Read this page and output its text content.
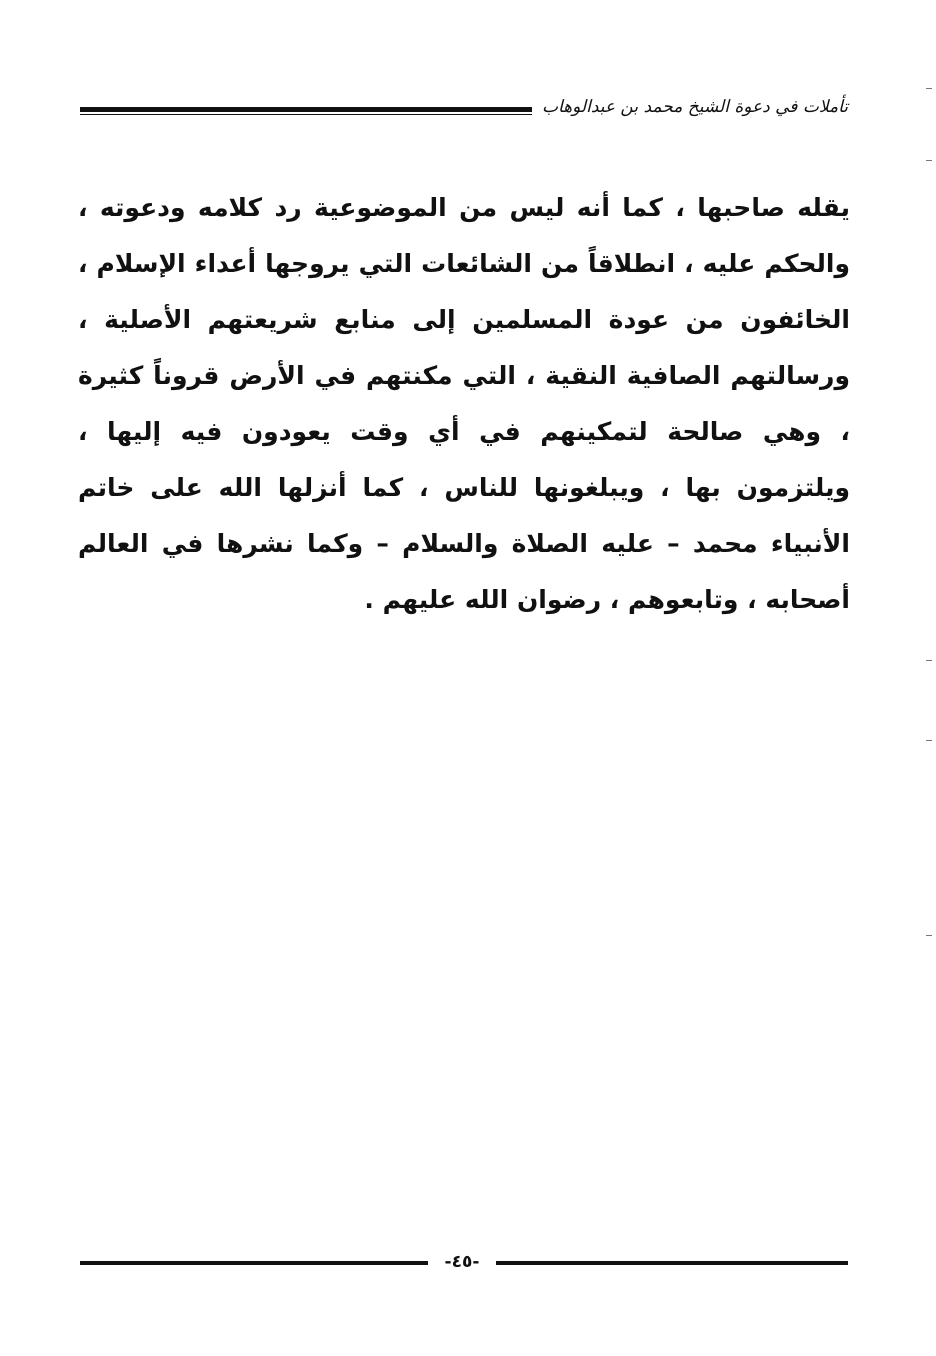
تأملات في دعوة الشيخ محمد بن عبدالوهاب

يقله صاحبها ، كما أنه ليس من الموضوعية رد كلامه ودعوته ، والحكم عليه ، انطلاقاً من الشائعات التي يروجها أعداء الإسلام ، الخائفون من عودة المسلمين إلى منابع شريعتهم الأصلية ، ورسالتهم الصافية النقية ، التي مكنتهم في الأرض قروناً كثيرة ، وهي صالحة لتمكينهم في أي وقت يعودون فيه إليها ، ويلتزمون بها ، ويبلغونها للناس ، كما أنزلها الله على خاتم الأنبياء محمد – عليه الصلاة والسلام – وكما نشرها في العالم أصحابه ، وتابعوهم ، رضوان الله عليهم .

-٤٥-
